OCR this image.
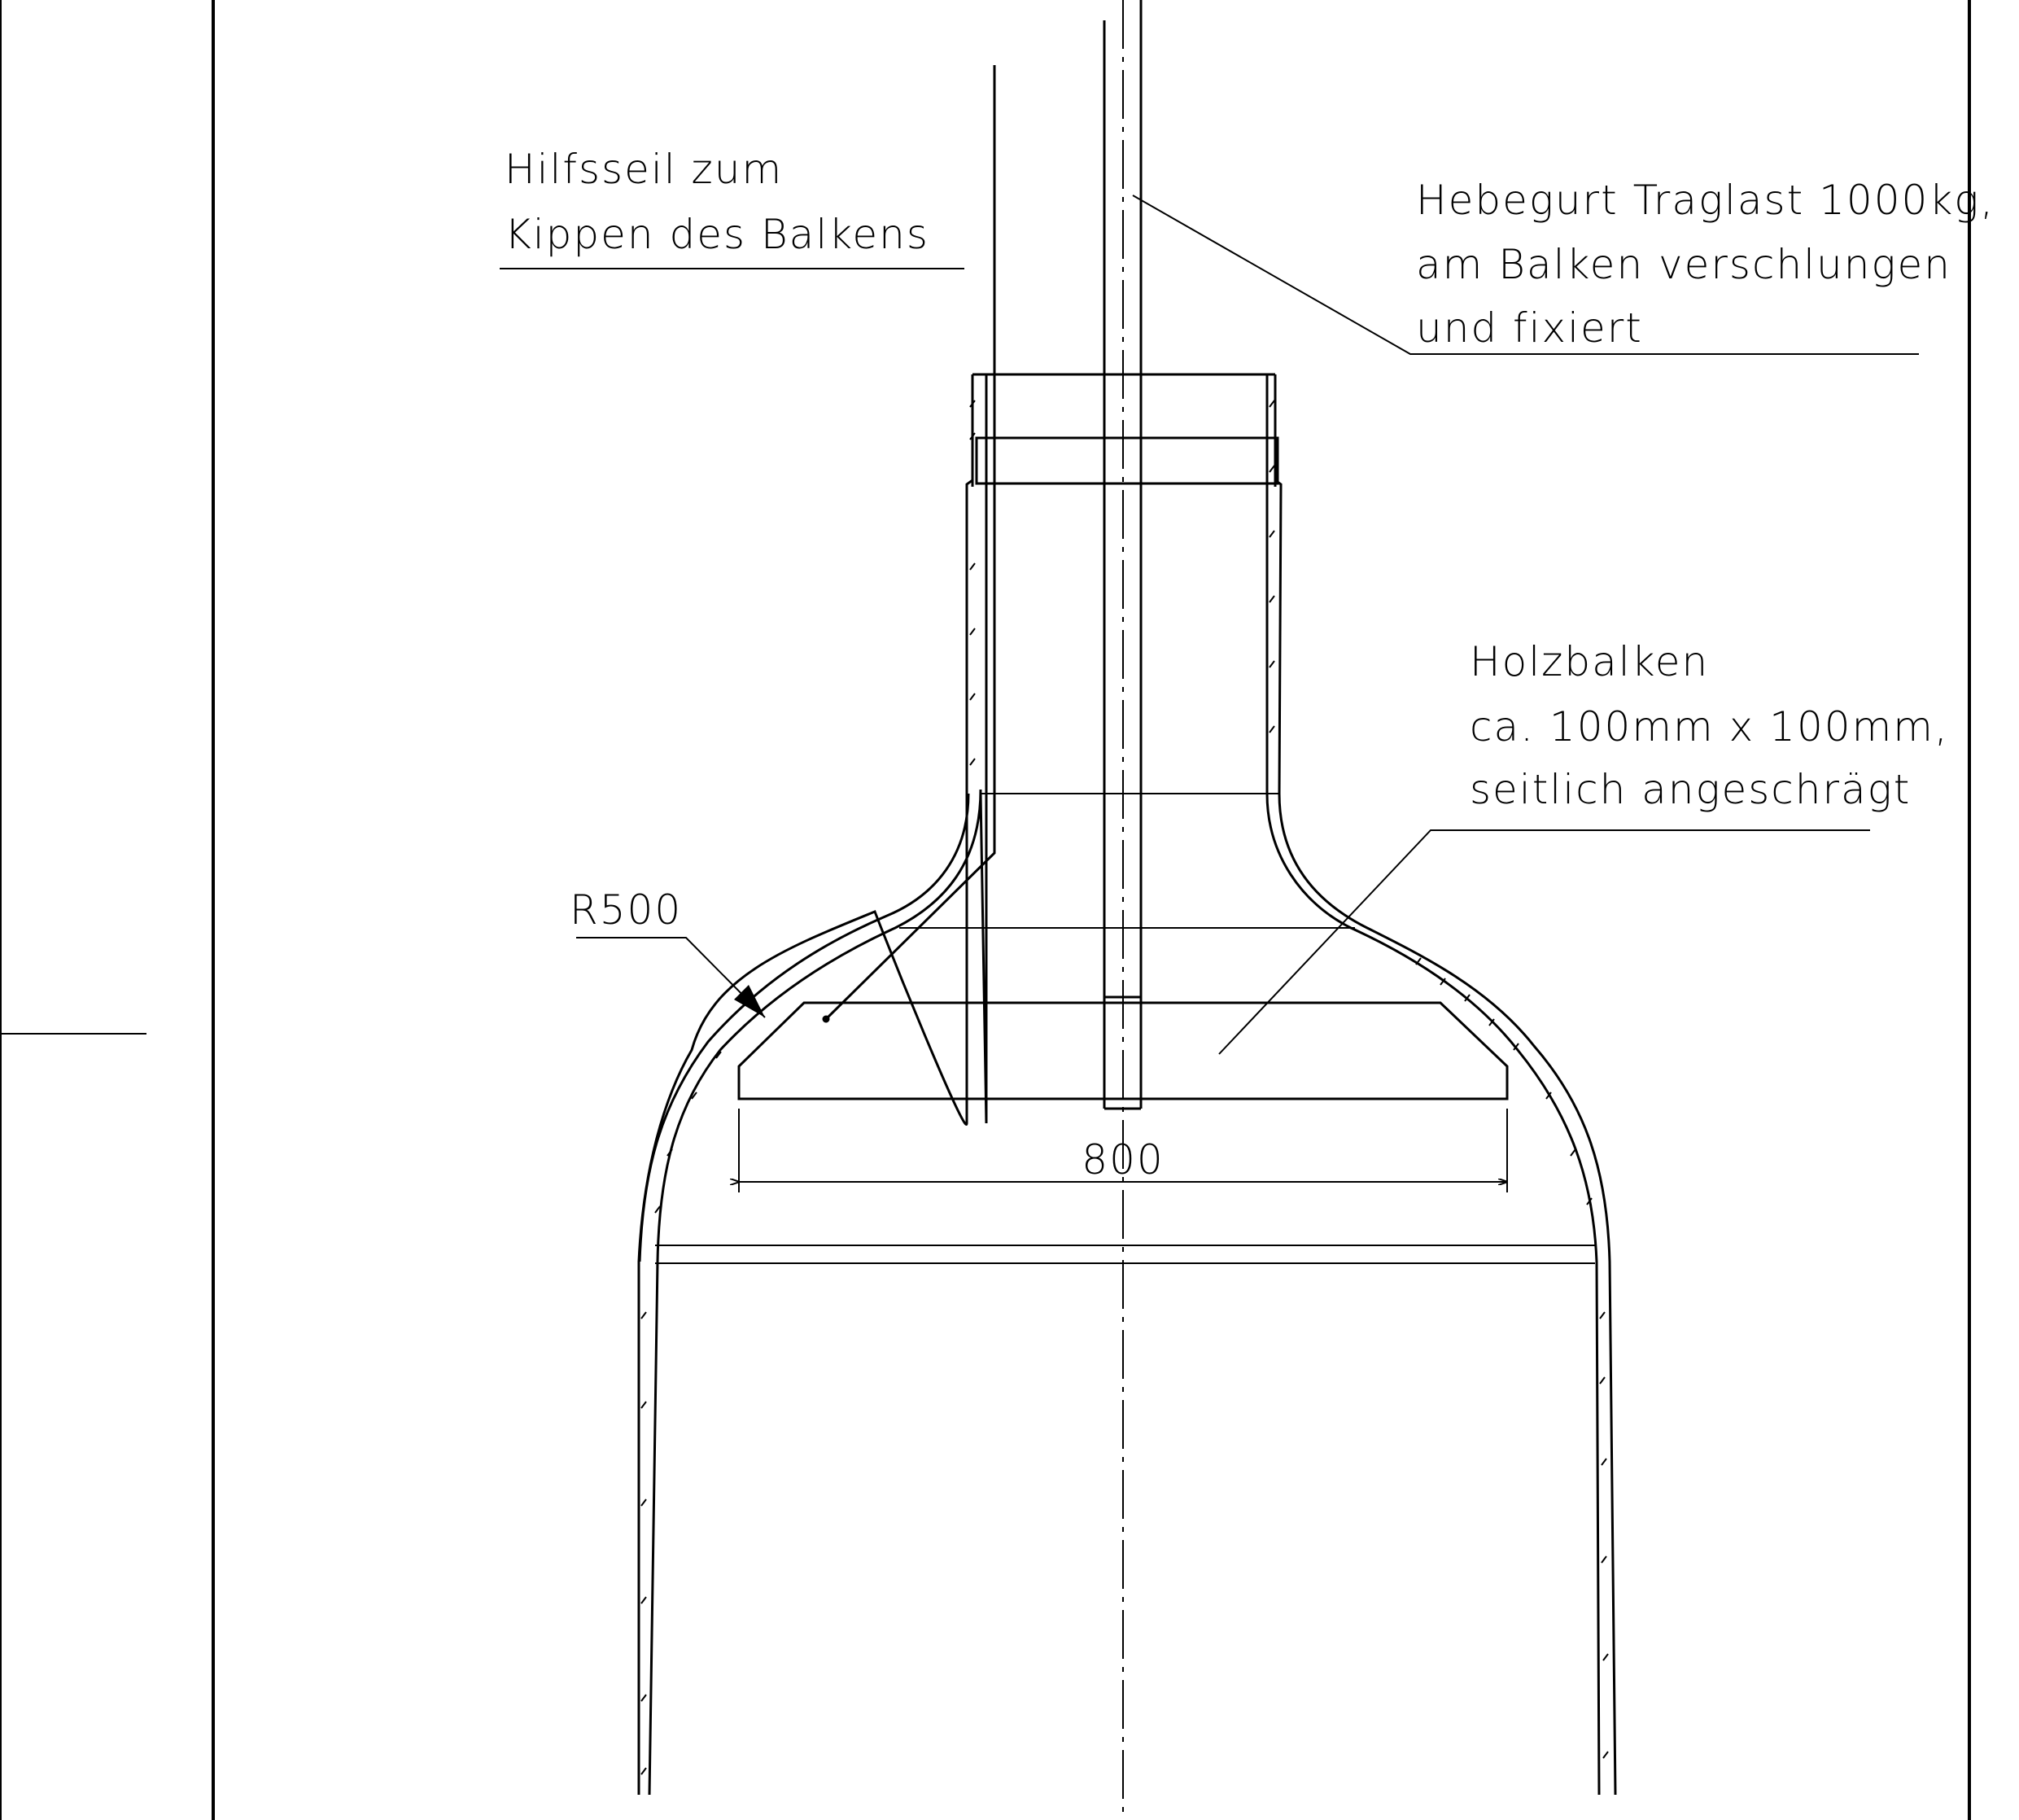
800
Hilfsseil zum
Kippen des Balkens
Hebegurt Traglast 1000kg,
am Balken verschlungen
und fixiert
Holzbalken
ca. 100mm x 100mm,
seitlich angeschrägt
R500
